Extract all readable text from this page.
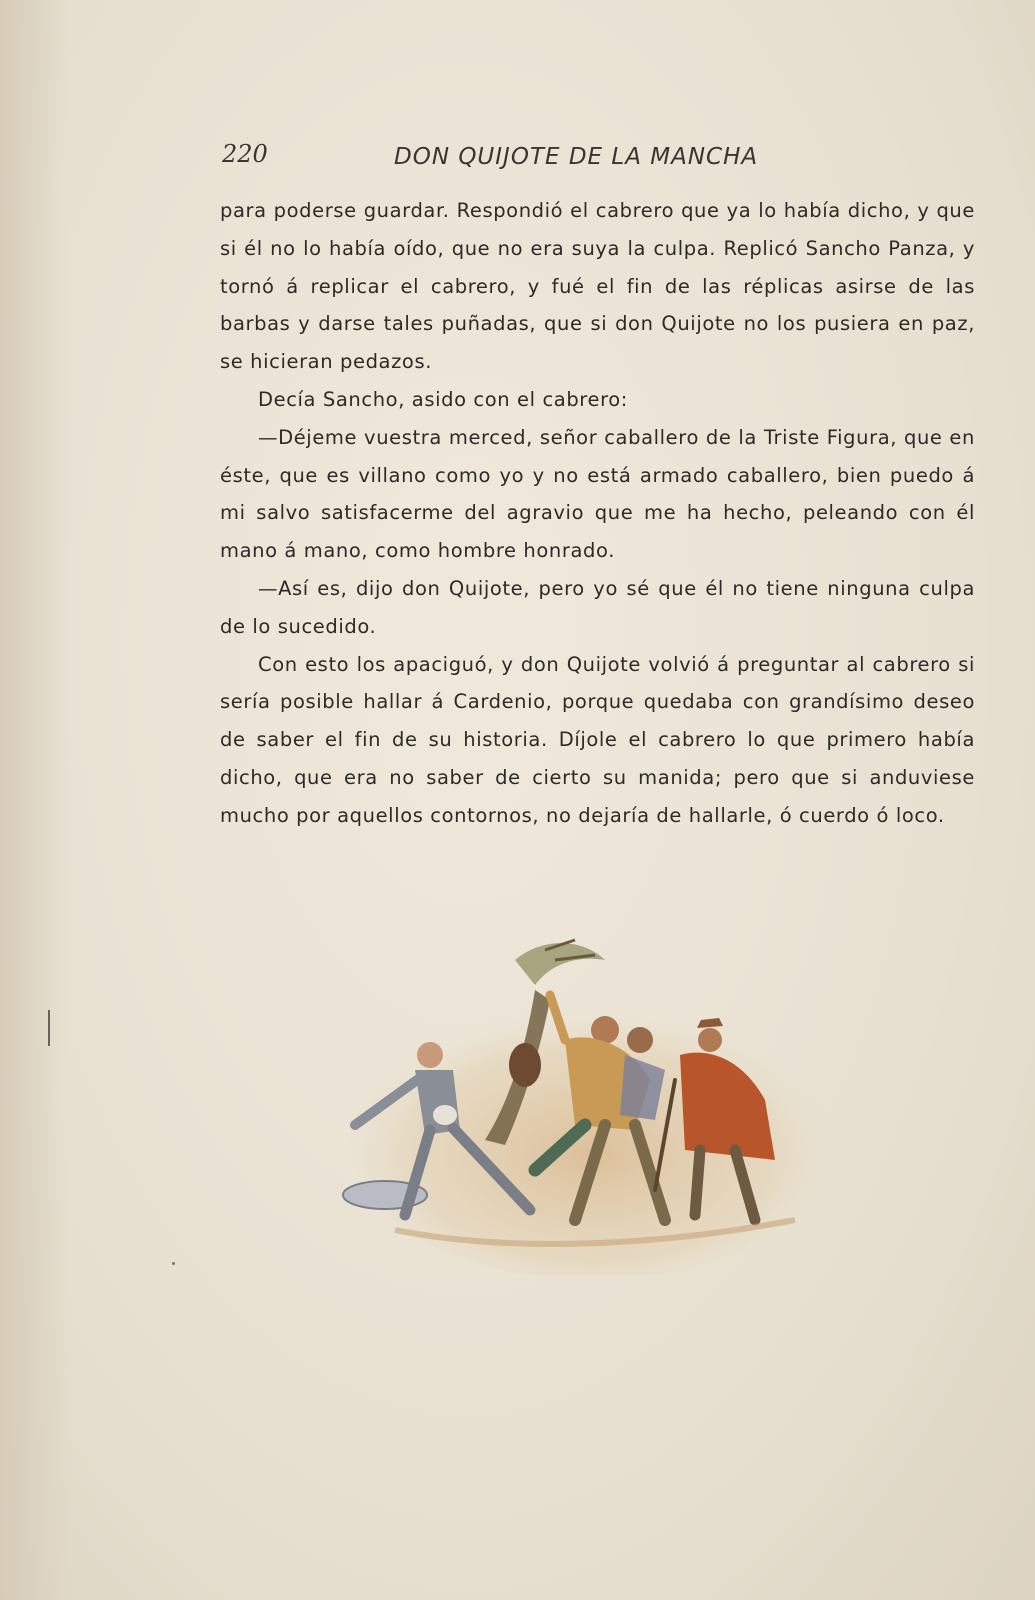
220	DON QUIJOTE DE LA MANCHA

para poderse guardar. Respondió el cabrero que ya lo había dicho, y que si él no lo había oído, que no era suya la culpa. Replicó Sancho Panza, y tornó á replicar el cabrero, y fué el fin de las réplicas asirse de las barbas y darse tales puñadas, que si don Quijote no los pusiera en paz, se hicieran pedazos.

Decía Sancho, asido con el cabrero:

—Déjeme vuestra merced, señor caballero de la Triste Figura, que en éste, que es villano como yo y no está armado caballero, bien puedo á mi salvo satisfacerme del agravio que me ha hecho, peleando con él mano á mano, como hombre honrado.

—Así es, dijo don Quijote, pero yo sé que él no tiene ninguna culpa de lo sucedido.

Con esto los apaciguó, y don Quijote volvió á preguntar al cabrero si sería posible hallar á Cardenio, porque quedaba con grandísimo deseo de saber el fin de su historia. Díjole el cabrero lo que primero había dicho, que era no saber de cierto su manida; pero que si anduviese mucho por aquellos contornos, no dejaría de hallarle, ó cuerdo ó loco.
